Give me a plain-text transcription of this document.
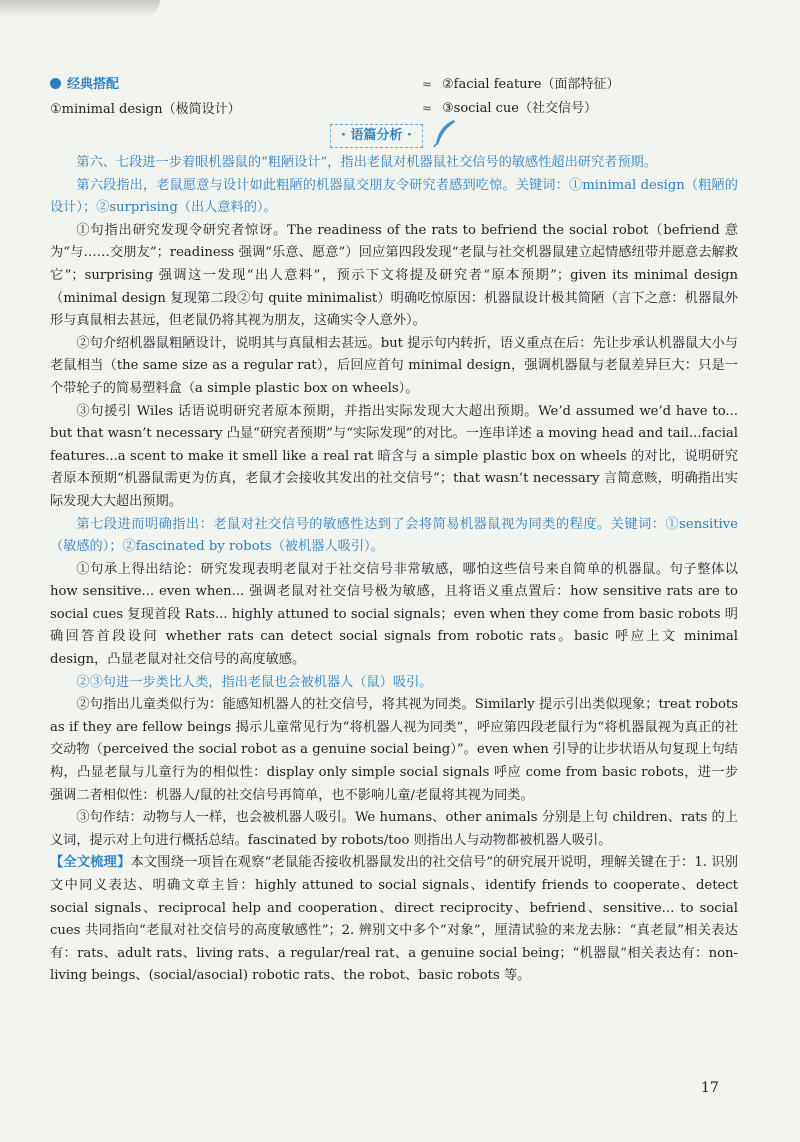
经典搭配
①minimal design（极简设计）
≈ ②facial feature（面部特征）
≈ ③social cue（社交信号）
· 语篇分析 ·

第六、七段进一步着眼机器鼠的“粗陋设计”，指出老鼠对机器鼠社交信号的敏感性超出研究者预期。

第六段指出，老鼠愿意与设计如此粗陋的机器鼠交朋友令研究者感到吃惊。关键词：①minimal design（粗陋的设计）；②surprising（出人意料的）。

①句指出研究发现令研究者惊讶。The readiness of the rats to befriend the social robot（befriend 意为“与……交朋友”；readiness 强调“乐意、愿意”）回应第四段发现“老鼠与社交机器鼠建立起情感纽带并愿意去解救它”；surprising 强调这一发现“出人意料”，预示下文将提及研究者“原本预期”；given its minimal design（minimal design 复现第二段②句 quite minimalist）明确吃惊原因：机器鼠设计极其简陋（言下之意：机器鼠外形与真鼠相去甚远，但老鼠仍将其视为朋友，这确实令人意外）。

②句介绍机器鼠粗陋设计，说明其与真鼠相去甚远。but 提示句内转折，语义重点在后：先让步承认机器鼠大小与老鼠相当（the same size as a regular rat），后回应首句 minimal design，强调机器鼠与老鼠差异巨大：只是一个带轮子的简易塑料盒（a simple plastic box on wheels）。

③句援引 Wiles 话语说明研究者原本预期，并指出实际发现大大超出预期。We’d assumed we’d have to... but that wasn’t necessary 凸显“研究者预期”与“实际发现”的对比。一连串详述 a moving head and tail...facial features...a scent to make it smell like a real rat 暗含与 a simple plastic box on wheels 的对比，说明研究者原本预期“机器鼠需更为仿真，老鼠才会接收其发出的社交信号”；that wasn’t necessary 言简意赅，明确指出实际发现大大超出预期。

第七段进而明确指出：老鼠对社交信号的敏感性达到了会将简易机器鼠视为同类的程度。关键词：①sensitive（敏感的）；②fascinated by robots（被机器人吸引）。

①句承上得出结论：研究发现表明老鼠对于社交信号非常敏感，哪怕这些信号来自简单的机器鼠。句子整体以 how sensitive... even when... 强调老鼠对社交信号极为敏感，且将语义重点置后：how sensitive rats are to social cues 复现首段 Rats... highly attuned to social signals；even when they come from basic robots 明确回答首段设问 whether rats can detect social signals from robotic rats。basic 呼应上文 minimal design，凸显老鼠对社交信号的高度敏感。

②③句进一步类比人类，指出老鼠也会被机器人（鼠）吸引。

②句指出儿童类似行为：能感知机器人的社交信号，将其视为同类。Similarly 提示引出类似现象；treat robots as if they are fellow beings 揭示儿童常见行为“将机器人视为同类”，呼应第四段老鼠行为“将机器鼠视为真正的社交动物（perceived the social robot as a genuine social being）”。even when 引导的让步状语从句复现上句结构，凸显老鼠与儿童行为的相似性：display only simple social signals 呼应 come from basic robots，进一步强调二者相似性：机器人/鼠的社交信号再简单，也不影响儿童/老鼠将其视为同类。

③句作结：动物与人一样，也会被机器人吸引。We humans、other animals 分别是上句 children、rats 的上义词，提示对上句进行概括总结。fascinated by robots/too 则指出人与动物都被机器人吸引。

【全文梳理】本文围绕一项旨在观察“老鼠能否接收机器鼠发出的社交信号”的研究展开说明，理解关键在于：1. 识别文中同义表达、明确文章主旨：highly attuned to social signals、identify friends to cooperate、detect social signals、reciprocal help and cooperation、direct reciprocity、befriend、sensitive... to social cues 共同指向“老鼠对社交信号的高度敏感性”；2. 辨别文中多个“对象”，厘清试验的来龙去脉：“真老鼠”相关表达有：rats、adult rats、living rats、a regular/real rat、a genuine social being；“机器鼠”相关表达有：non-living beings、(social/asocial) robotic rats、the robot、basic robots 等。

17
